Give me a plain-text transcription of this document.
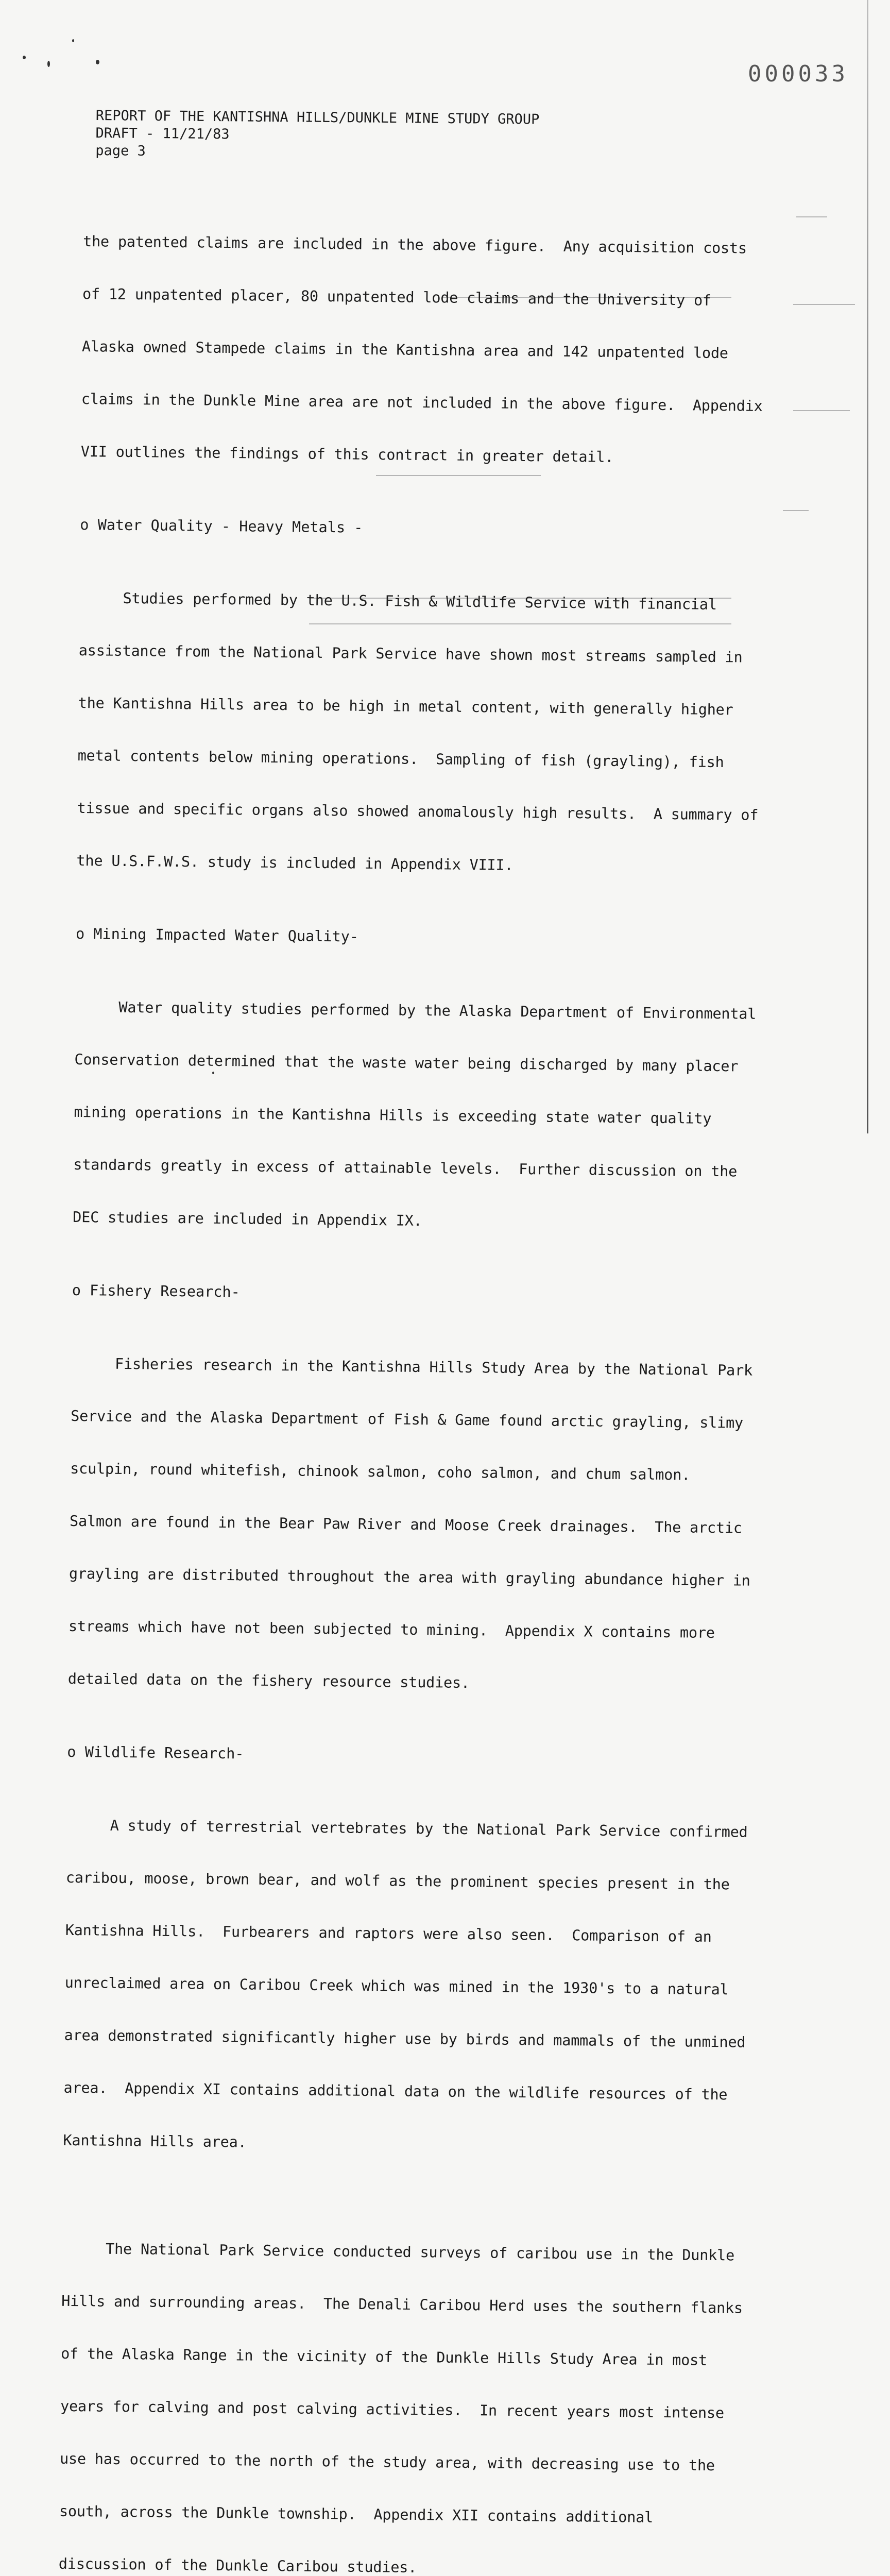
000033
REPORT OF THE KANTISHNA HILLS/DUNKLE MINE STUDY GROUP
DRAFT - 11/21/83
page 3

the patented claims are included in the above figure.  Any acquisition costs

of 12 unpatented placer, 80 unpatented lode claims and the University of

Alaska owned Stampede claims in the Kantishna area and 142 unpatented lode

claims in the Dunkle Mine area are not included in the above figure.  Appendix

VII outlines the findings of this contract in greater detail.

o Water Quality - Heavy Metals -

Studies performed by the U.S. Fish & Wildlife Service with financial

assistance from the National Park Service have shown most streams sampled in

the Kantishna Hills area to be high in metal content, with generally higher

metal contents below mining operations.  Sampling of fish (grayling), fish

tissue and specific organs also showed anomalously high results.  A summary of

the U.S.F.W.S. study is included in Appendix VIII.

o Mining Impacted Water Quality-

Water quality studies performed by the Alaska Department of Environmental

Conservation determined that the waste water being discharged by many placer

mining operations in the Kantishna Hills is exceeding state water quality

standards greatly in excess of attainable levels.  Further discussion on the

DEC studies are included in Appendix IX.

o Fishery Research-

Fisheries research in the Kantishna Hills Study Area by the National Park

Service and the Alaska Department of Fish & Game found arctic grayling, slimy

sculpin, round whitefish, chinook salmon, coho salmon, and chum salmon.

Salmon are found in the Bear Paw River and Moose Creek drainages.  The arctic

grayling are distributed throughout the area with grayling abundance higher in

streams which have not been subjected to mining.  Appendix X contains more

detailed data on the fishery resource studies.

o Wildlife Research-

A study of terrestrial vertebrates by the National Park Service confirmed

caribou, moose, brown bear, and wolf as the prominent species present in the

Kantishna Hills.  Furbearers and raptors were also seen.  Comparison of an

unreclaimed area on Caribou Creek which was mined in the 1930's to a natural

area demonstrated significantly higher use by birds and mammals of the unmined

area.  Appendix XI contains additional data on the wildlife resources of the

Kantishna Hills area.

The National Park Service conducted surveys of caribou use in the Dunkle

Hills and surrounding areas.  The Denali Caribou Herd uses the southern flanks

of the Alaska Range in the vicinity of the Dunkle Hills Study Area in most

years for calving and post calving activities.  In recent years most intense

use has occurred to the north of the study area, with decreasing use to the

south, across the Dunkle township.  Appendix XII contains additional

discussion of the Dunkle Caribou studies.
